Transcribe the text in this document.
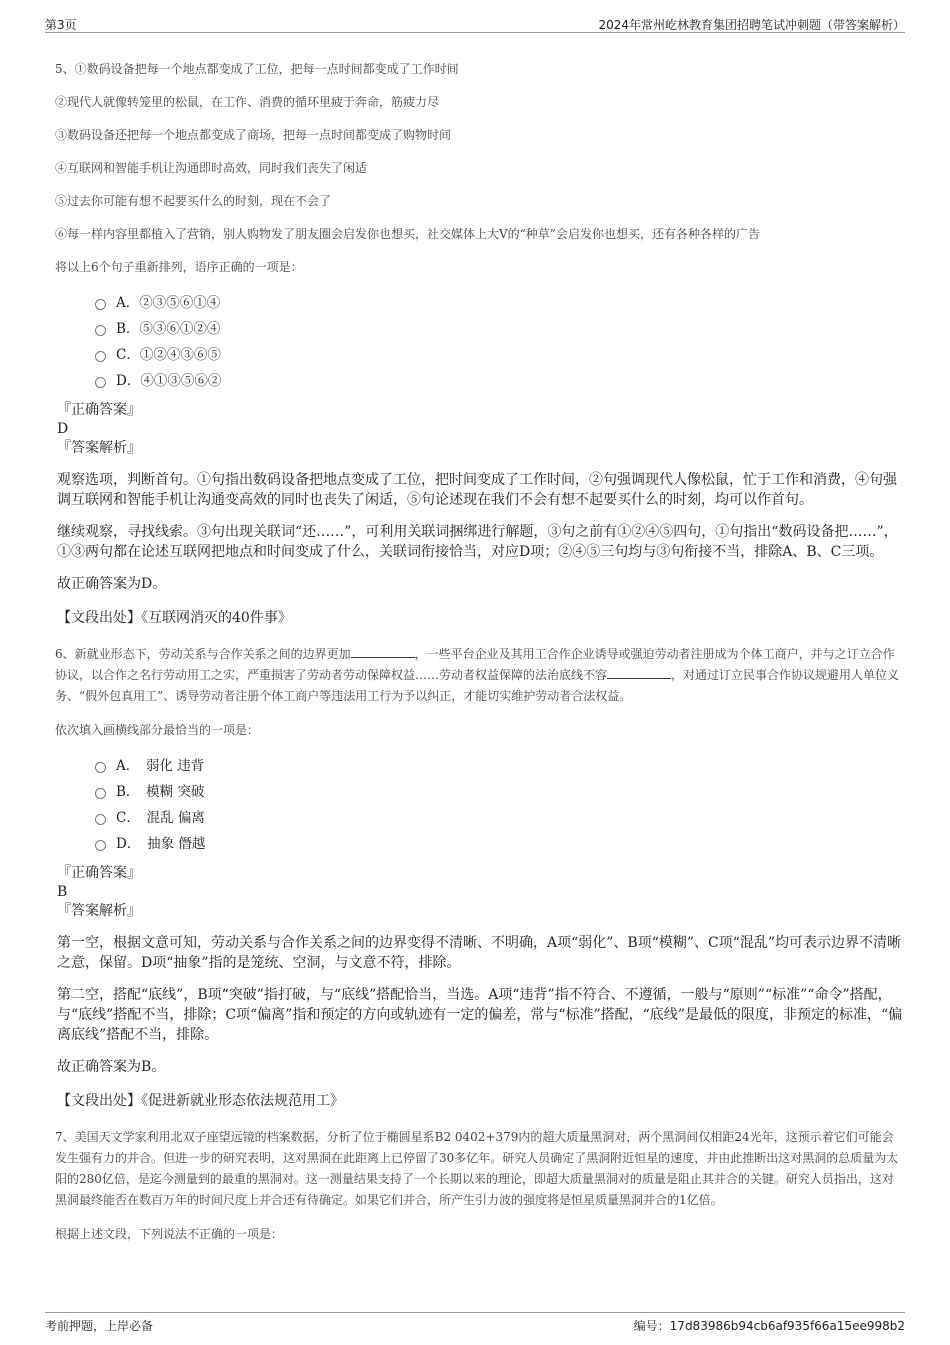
第3页	2024年常州屹林教育集团招聘笔试冲刺题（带答案解析）

5、①数码设备把每一个地点都变成了工位，把每一点时间都变成了工作时间

②现代人就像转笼里的松鼠，在工作、消费的循环里疲于奔命，筋疲力尽

③数码设备还把每一个地点都变成了商场，把每一点时间都变成了购物时间

④互联网和智能手机让沟通即时高效，同时我们丧失了闲适

⑤过去你可能有想不起要买什么的时刻，现在不会了

⑥每一样内容里都植入了营销，别人购物发了朋友圈会启发你也想买，社交媒体上大V的“种草”会启发你也想买，还有各种各样的广告

将以上6个句子重新排列，语序正确的一项是：

A．②③⑤⑥①④
B．⑤③⑥①②④
C．①②④③⑥⑤
D．④①③⑤⑥②

『正确答案』

D

『答案解析』

观察选项，判断首句。①句指出数码设备把地点变成了工位，把时间变成了工作时间，②句强调现代人像松鼠，忙于工作和消费，④句强调互联网和智能手机让沟通变高效的同时也丧失了闲适，⑤句论述现在我们不会有想不起要买什么的时刻，均可以作首句。

继续观察，寻找线索。③句出现关联词“还……”，可利用关联词捆绑进行解题，③句之前有①②④⑤四句，①句指出“数码设备把……”，①③两句都在论述互联网把地点和时间变成了什么，关联词衔接恰当，对应D项；②④⑤三句均与③句衔接不当，排除A、B、C三项。

故正确答案为D。

【文段出处】《互联网消灭的40件事》

6、新就业形态下，劳动关系与合作关系之间的边界更加	，一些平台企业及其用工合作企业诱导或强迫劳动者注册成为个体工商户，并与之订立合作协议，以合作之名行劳动用工之实，严重损害了劳动者劳动保障权益……劳动者权益保障的法治底线不容	，对通过订立民事合作协议规避用人单位义务、“假外包真用工”、诱导劳动者注册个体工商户等违法用工行为予以纠正，才能切实维护劳动者合法权益。

依次填入画横线部分最恰当的一项是：

A．　弱化 违背
B．　模糊 突破
C．　混乱 偏离
D．　抽象 僭越

『正确答案』

B

『答案解析』

第一空，根据文意可知，劳动关系与合作关系之间的边界变得不清晰、不明确，A项“弱化”、B项“模糊”、C项“混乱”均可表示边界不清晰之意，保留。D项“抽象”指的是笼统、空洞，与文意不符，排除。

第二空，搭配“底线”，B项“突破”指打破，与“底线”搭配恰当，当选。A项“违背”指不符合、不遵循，一般与“原则”“标准”“命令”搭配，与“底线”搭配不当，排除；C项“偏离”指和预定的方向或轨迹有一定的偏差，常与“标准”搭配，“底线”是最低的限度，非预定的标准，“偏离底线”搭配不当，排除。

故正确答案为B。

【文段出处】《促进新就业形态依法规范用工》

7、美国天文学家利用北双子座望远镜的档案数据，分析了位于椭圆星系B2 0402+379内的超大质量黑洞对，两个黑洞间仅相距24光年，这预示着它们可能会发生强有力的并合。但进一步的研究表明，这对黑洞在此距离上已停留了30多亿年。研究人员确定了黑洞附近恒星的速度，并由此推断出这对黑洞的总质量为太阳的280亿倍，是迄今测量到的最重的黑洞对。这一测量结果支持了一个长期以来的理论，即超大质量黑洞对的质量是阻止其并合的关键。研究人员指出，这对黑洞最终能否在数百万年的时间尺度上并合还有待确定。如果它们并合，所产生引力波的强度将是恒星质量黑洞并合的1亿倍。

根据上述文段，下列说法不正确的一项是：

考前押题，上岸必备	编号：17d83986b94cb6af935f66a15ee998b2
